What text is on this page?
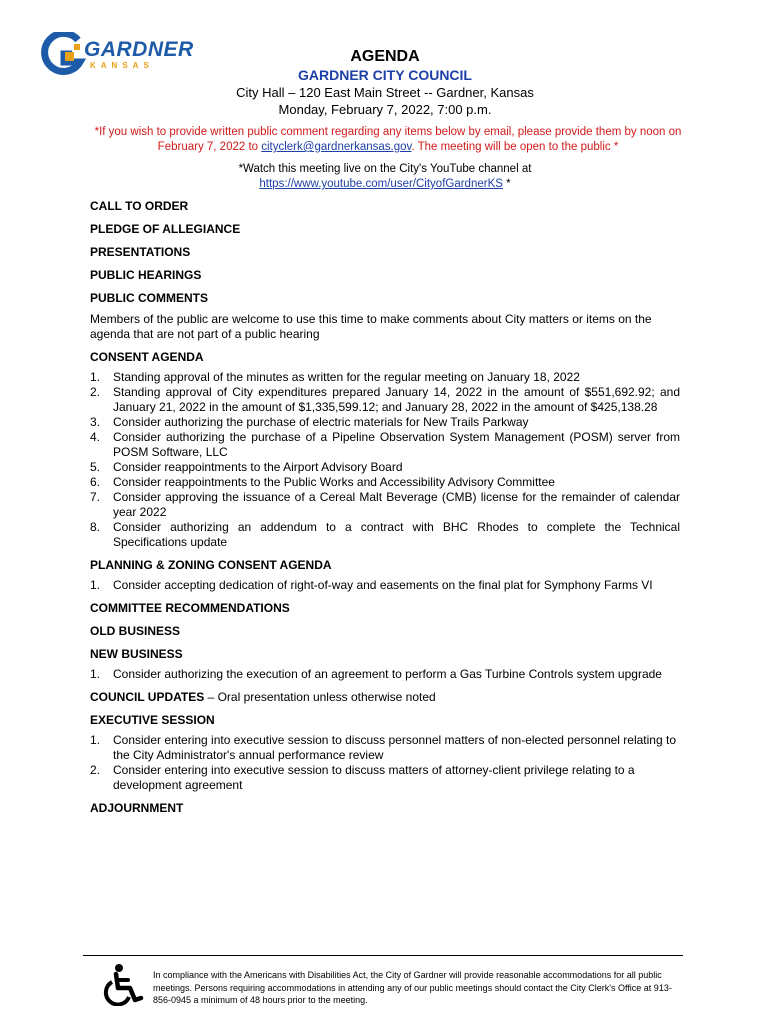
GARDNER
KANSAS
AGENDA
GARDNER CITY COUNCIL
City Hall – 120 East Main Street -- Gardner, Kansas
Monday, February 7, 2022, 7:00 p.m.
*If you wish to provide written public comment regarding any items below by email, please provide them by noon on February 7, 2022 to cityclerk@gardnerkansas.gov. The meeting will be open to the public *
*Watch this meeting live on the City's YouTube channel at
https://www.youtube.com/user/CityofGardnerKS *
CALL TO ORDER
PLEDGE OF ALLEGIANCE
PRESENTATIONS
PUBLIC HEARINGS
PUBLIC COMMENTS
Members of the public are welcome to use this time to make comments about City matters or items on the agenda that are not part of a public hearing
CONSENT AGENDA
1. Standing approval of the minutes as written for the regular meeting on January 18, 2022
2. Standing approval of City expenditures prepared January 14, 2022 in the amount of $551,692.92; and January 21, 2022 in the amount of $1,335,599.12; and January 28, 2022 in the amount of $425,138.28
3. Consider authorizing the purchase of electric materials for New Trails Parkway
4. Consider authorizing the purchase of a Pipeline Observation System Management (POSM) server from POSM Software, LLC
5. Consider reappointments to the Airport Advisory Board
6. Consider reappointments to the Public Works and Accessibility Advisory Committee
7. Consider approving the issuance of a Cereal Malt Beverage (CMB) license for the remainder of calendar year 2022
8. Consider authorizing an addendum to a contract with BHC Rhodes to complete the Technical Specifications update
PLANNING & ZONING CONSENT AGENDA
1. Consider accepting dedication of right-of-way and easements on the final plat for Symphony Farms VI
COMMITTEE RECOMMENDATIONS
OLD BUSINESS
NEW BUSINESS
1. Consider authorizing the execution of an agreement to perform a Gas Turbine Controls system upgrade
COUNCIL UPDATES – Oral presentation unless otherwise noted
EXECUTIVE SESSION
1. Consider entering into executive session to discuss personnel matters of non-elected personnel relating to the City Administrator's annual performance review
2. Consider entering into executive session to discuss matters of attorney-client privilege relating to a development agreement
ADJOURNMENT
In compliance with the Americans with Disabilities Act, the City of Gardner will provide reasonable accommodations for all public meetings. Persons requiring accommodations in attending any of our public meetings should contact the City Clerk's Office at 913-856-0945 a minimum of 48 hours prior to the meeting.
